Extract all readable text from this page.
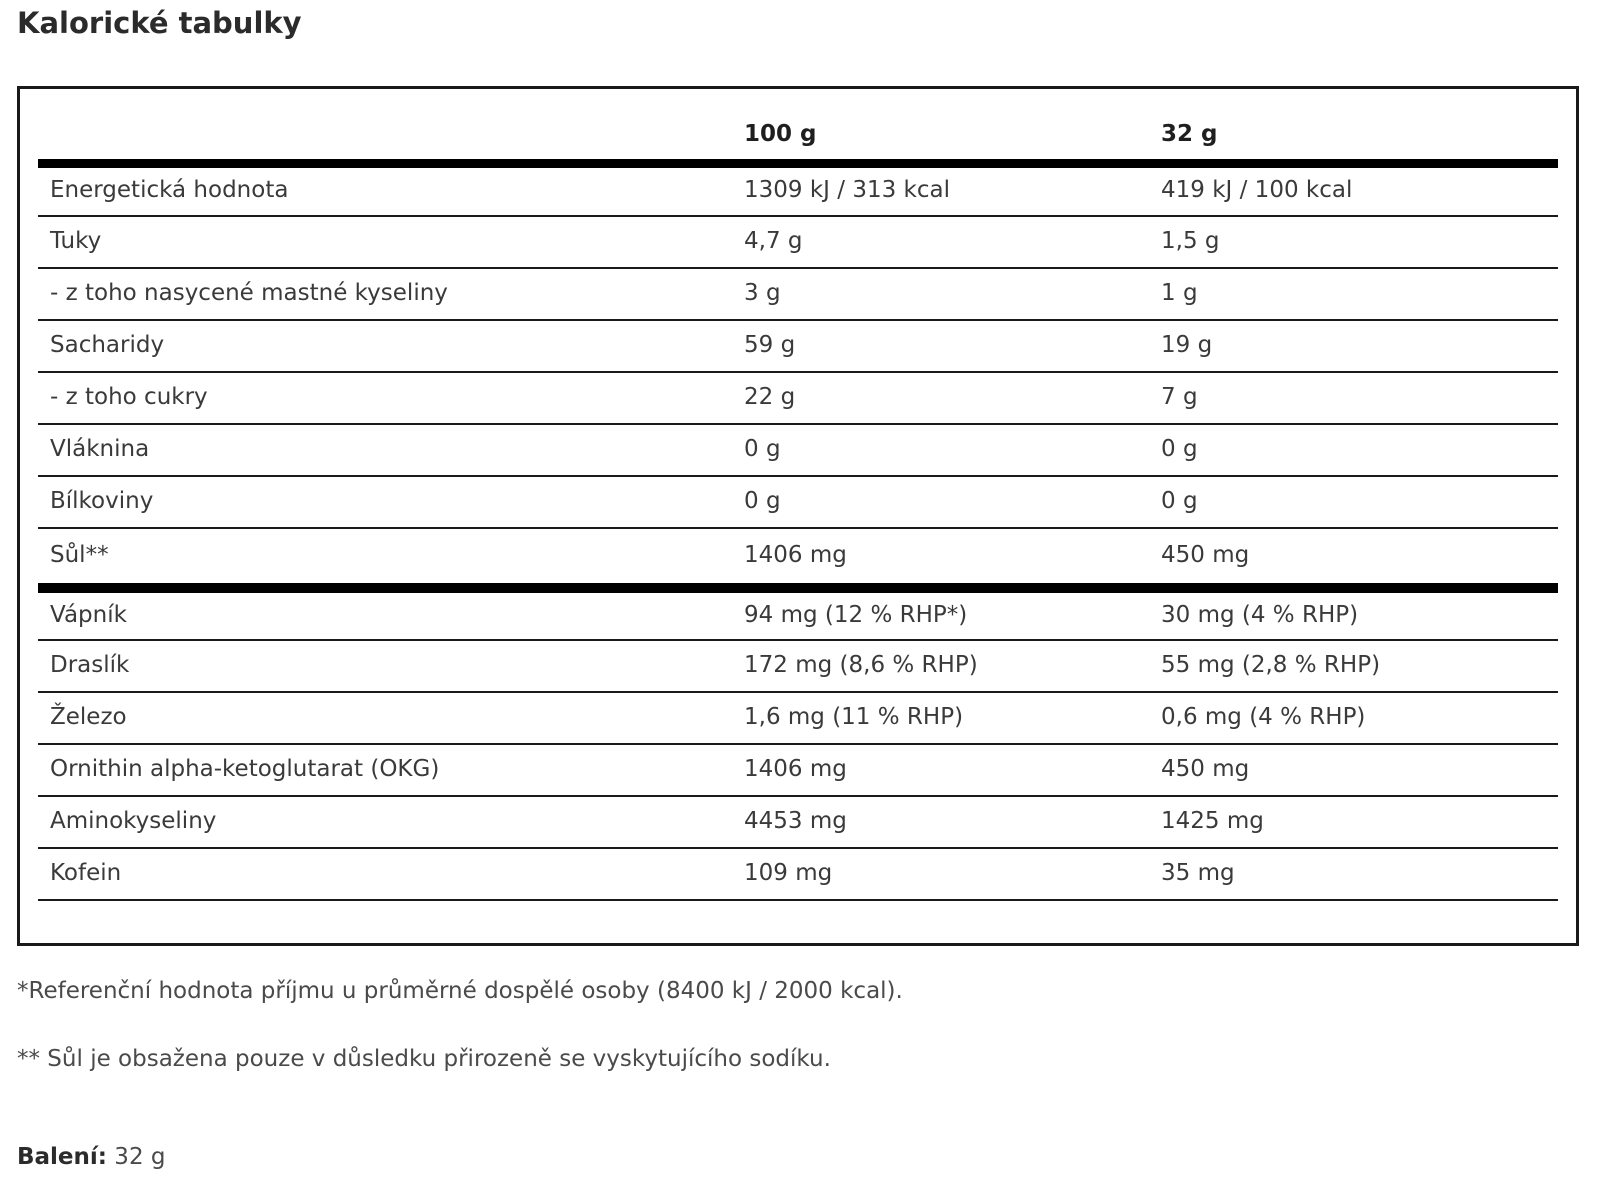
Kalorické tabulky
	100 g	32 g
Energetická hodnota	1309 kJ / 313 kcal	419 kJ / 100 kcal
Tuky	4,7 g	1,5 g
- z toho nasycené mastné kyseliny	3 g	1 g
Sacharidy	59 g	19 g
- z toho cukry	22 g	7 g
Vláknina	0 g	0 g
Bílkoviny	0 g	0 g
Sůl**	1406 mg	450 mg
Vápník	94 mg (12 % RHP*)	30 mg (4 % RHP)
Draslík	172 mg (8,6 % RHP)	55 mg (2,8 % RHP)
Železo	1,6 mg (11 % RHP)	0,6 mg (4 % RHP)
Ornithin alpha-ketoglutarat (OKG)	1406 mg	450 mg
Aminokyseliny	4453 mg	1425 mg
Kofein	109 mg	35 mg

*Referenční hodnota příjmu u průměrné dospělé osoby (8400 kJ / 2000 kcal).

** Sůl je obsažena pouze v důsledku přirozeně se vyskytujícího sodíku.

Balení: 32 g
